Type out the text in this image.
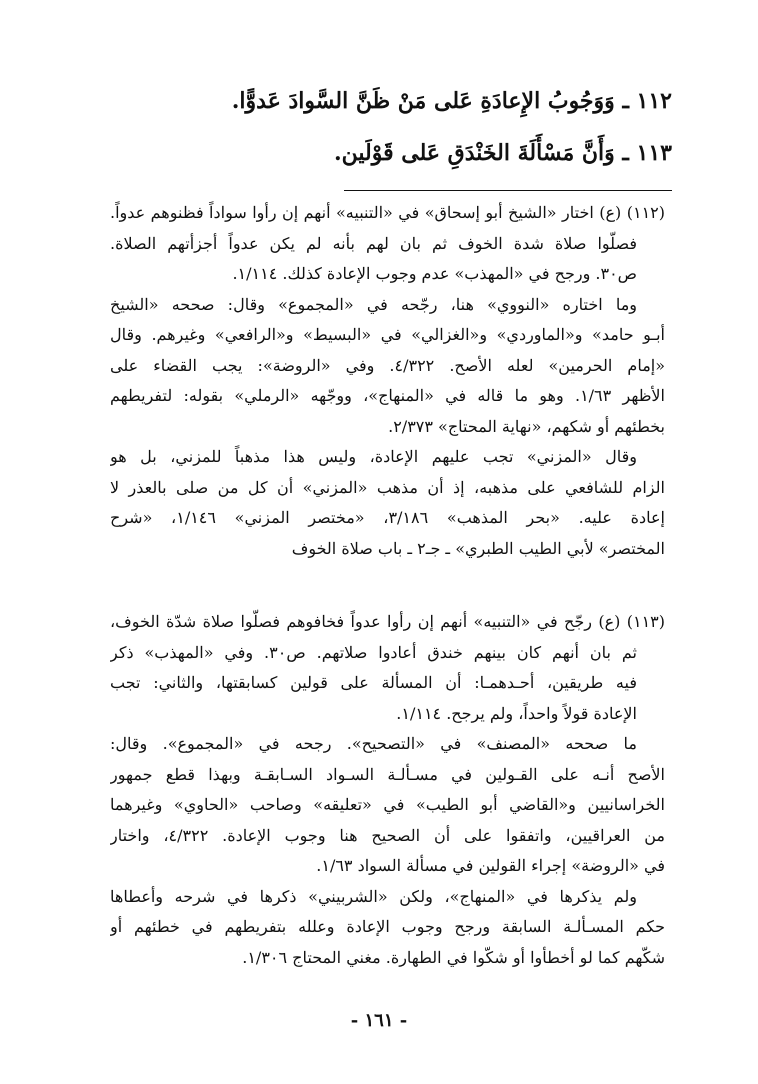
١١٢ ـ وَوَجُوبُ الإِعادَةِ عَلى مَنْ ظَنَّ السَّوادَ عَدوًّا.
١١٣ ـ وَأَنَّ مَسْأَلَةَ الخَنْدَقِ عَلى قَوْلَين.
(١١٢) (ع) اختار «الشيخ أبو إسحاق» في «التنبيه» أنهم إن رأوا سواداً فظنوهم عدواً.
فصلّوا صلاة شدة الخوف ثم بان لهم بأنه لم يكن عدواً أجزأتهم الصلاة.
ص٣٠. ورجح في «المهذب» عدم وجوب الإعادة كذلك. ١/١١٤.
وما اختاره «النووي» هنا، رجّحه في «المجموع» وقال: صححه «الشيخ
أبـو حامد» و«الماوردي» و«الغزالي» في «البسيط» و«الرافعي» وغيرهم. وقال
«إمام الحرمين» لعله الأصح. ٤/٣٢٢. وفي «الروضة»: يجب القضاء على
الأظهر ١/٦٣. وهو ما قاله في «المنهاج»، ووجّهه «الرملي» بقوله: لتفريطهم
بخطئهم أو شكهم، «نهاية المحتاج» ٢/٣٧٣.
وقال «المزني» تجب عليهم الإعادة، وليس هذا مذهباً للمزني، بل هو
الزام للشافعي على مذهبه، إذ أن مذهب «المزني» أن كل من صلى بالعذر لا
إعادة عليه. «بحر المذهب» ٣/١٨٦، «مختصر المزني» ١/١٤٦، «شرح
المختصر» لأبي الطيب الطبري» ـ جـ٢ ـ باب صلاة الخوف
(١١٣) (ع) رجّح في «التنبيه» أنهم إن رأوا عدواً فخافوهم فصلّوا صلاة شدّة الخوف،
ثم بان أنهم كان بينهم خندق أعادوا صلاتهم. ص٣٠. وفي «المهذب» ذكر
فيه طريقين، أحـدهمـا: أن المسألة على قولين كسابقتها، والثاني: تجب
الإعادة قولاً واحداً، ولم يرجح. ١/١١٤.
ما صححه «المصنف» في «التصحيح». رجحه في «المجموع». وقال:
الأصح أنـه على القـولين في مسـألـة السـواد السـابقـة وبهذا قطع جمهور
الخراسانيين و«القاضي أبو الطيب» في «تعليقه» وصاحب «الحاوي» وغيرهما
من العراقيين، واتفقوا على أن الصحيح هنا وجوب الإعادة. ٤/٣٢٢، واختار
في «الروضة» إجراء القولين في مسألة السواد ١/٦٣.
ولم يذكرها في «المنهاج»، ولكن «الشربيني» ذكرها في شرحه وأعطاها
حكم المسـألـة السابقة ورجح وجوب الإعادة وعلله بتفريطهم في خطئهم أو
شكّهم كما لو أخطأوا أو شكّوا في الطهارة. مغني المحتاج ١/٣٠٦.
- ١٦١ -
